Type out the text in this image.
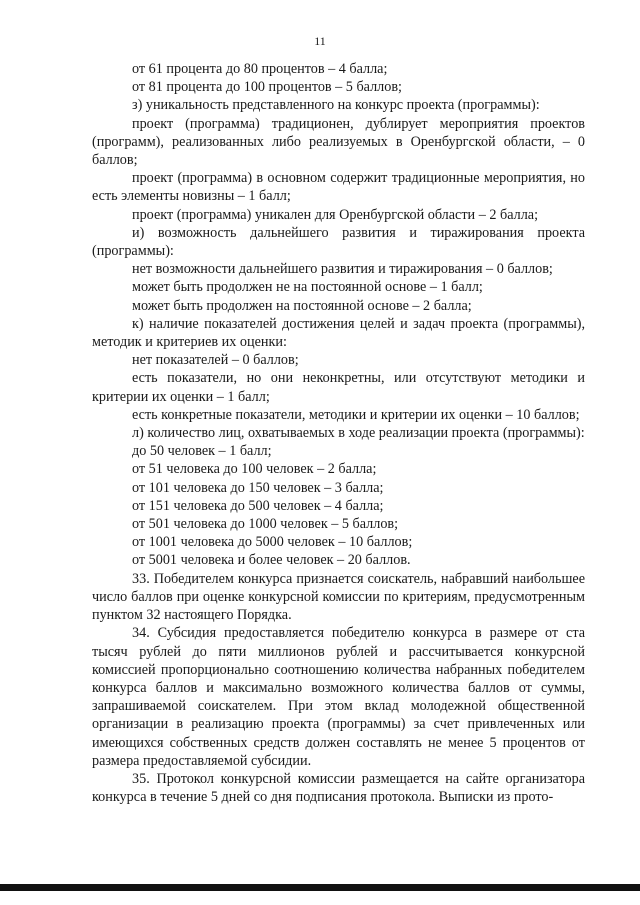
11

от 61 процента до 80 процентов – 4 балла;

от 81 процента до 100 процентов – 5 баллов;

з) уникальность представленного на конкурс проекта (программы):

проект (программа) традиционен, дублирует мероприятия проектов (программ), реализованных либо реализуемых в Оренбургской области, – 0 баллов;

проект (программа) в основном содержит традиционные мероприятия, но есть элементы новизны – 1 балл;

проект (программа) уникален для Оренбургской области – 2 балла;

и) возможность дальнейшего развития и тиражирования проекта (программы):

нет возможности дальнейшего развития и тиражирования – 0 баллов;

может быть продолжен не на постоянной основе – 1 балл;

может быть продолжен на постоянной основе – 2 балла;

к) наличие показателей достижения целей и задач проекта (программы), методик и критериев их оценки:

нет показателей – 0 баллов;

есть показатели, но они неконкретны, или отсутствуют методики и критерии их оценки – 1 балл;

есть конкретные показатели, методики и критерии их оценки – 10 баллов;

л) количество лиц, охватываемых в ходе реализации проекта (программы):

до 50 человек – 1 балл;

от 51 человека до 100 человек – 2 балла;

от 101 человека до 150 человек – 3 балла;

от 151 человека до 500 человек – 4 балла;

от 501 человека до 1000 человек – 5 баллов;

от 1001 человека до 5000 человек – 10 баллов;

от 5001 человека и более человек – 20 баллов.

33. Победителем конкурса признается соискатель, набравший наибольшее число баллов при оценке конкурсной комиссии по критериям, предусмотренным пунктом 32 настоящего Порядка.

34. Субсидия предоставляется победителю конкурса в размере от ста тысяч рублей до пяти миллионов рублей и рассчитывается конкурсной комиссией пропорционально соотношению количества набранных победителем конкурса баллов и максимально возможного количества баллов от суммы, запрашиваемой соискателем. При этом вклад молодежной общественной организации в реализацию проекта (программы) за счет привлеченных или имеющихся собственных средств должен составлять не менее 5 процентов от размера предоставляемой субсидии.

35. Протокол конкурсной комиссии размещается на сайте организатора конкурса в течение 5 дней со дня подписания протокола. Выписки из прото-
